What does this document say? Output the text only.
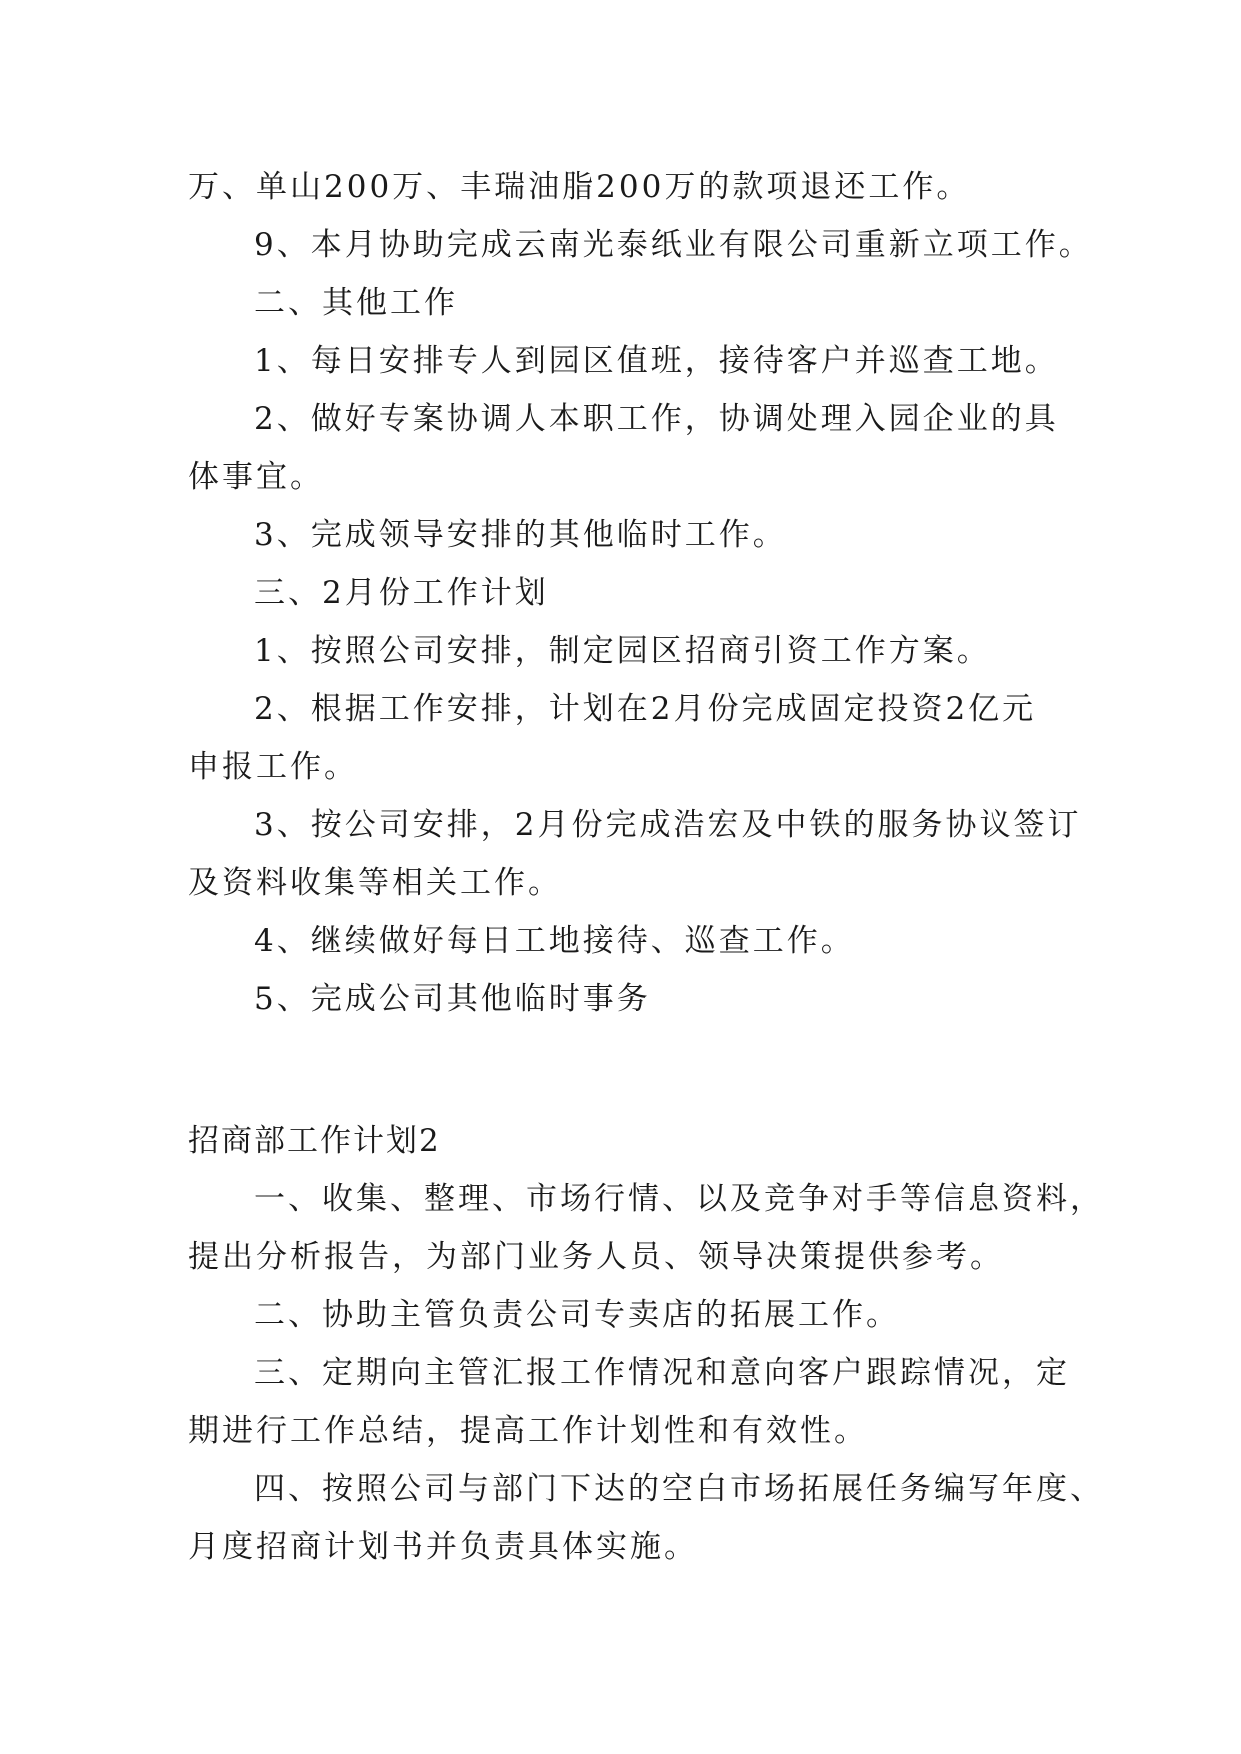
万、单山200万、丰瑞油脂200万的款项退还工作。
9、本月协助完成云南光泰纸业有限公司重新立项工作。
二、其他工作
1、每日安排专人到园区值班，接待客户并巡查工地。
2、做好专案协调人本职工作，协调处理入园企业的具
体事宜。
3、完成领导安排的其他临时工作。
三、2月份工作计划
1、按照公司安排，制定园区招商引资工作方案。
2、根据工作安排，计划在2月份完成固定投资2亿元
申报工作。
3、按公司安排，2月份完成浩宏及中铁的服务协议签订
及资料收集等相关工作。
4、继续做好每日工地接待、巡查工作。
5、完成公司其他临时事务
招商部工作计划2
一、收集、整理、市场行情、以及竞争对手等信息资料，
提出分析报告，为部门业务人员、领导决策提供参考。
二、协助主管负责公司专卖店的拓展工作。
三、定期向主管汇报工作情况和意向客户跟踪情况，定
期进行工作总结，提高工作计划性和有效性。
四、按照公司与部门下达的空白市场拓展任务编写年度、
月度招商计划书并负责具体实施。
